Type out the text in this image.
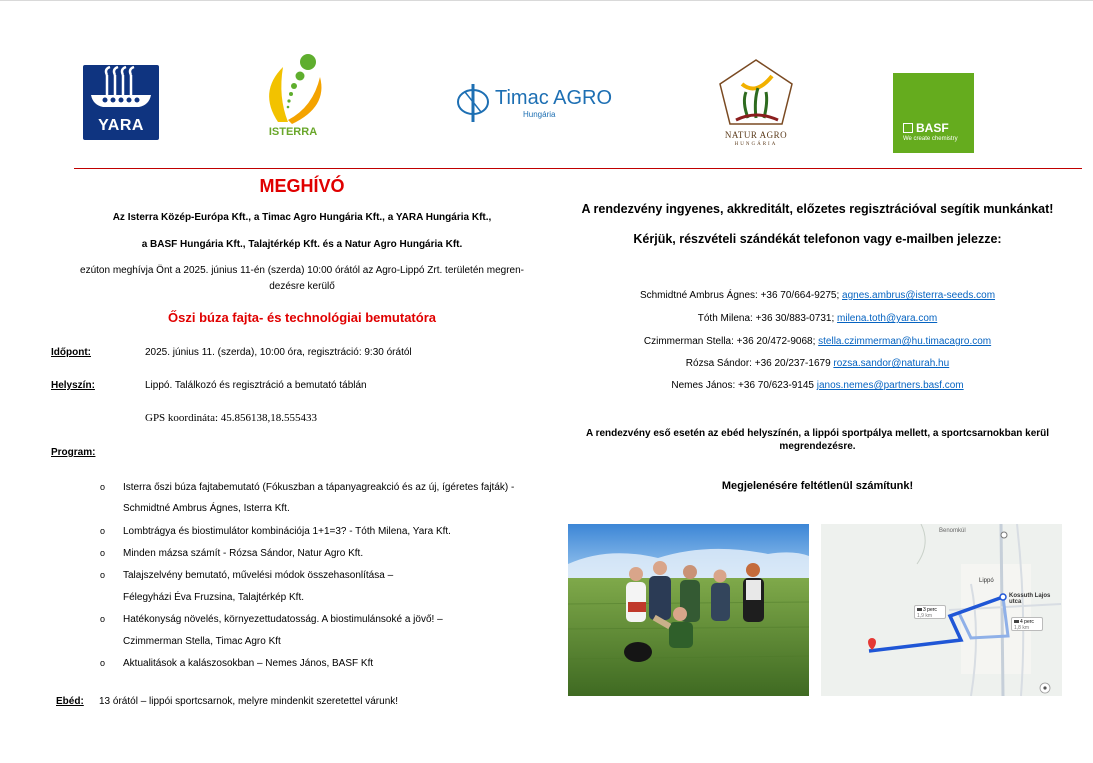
YARA	ISTERRA
Timac AGRO
Hungária
NATUR AGRO
HUNGÁRIA
BASF
We create chemistry
MEGHÍVÓ
Az Isterra Közép-Európa Kft., a Timac Agro Hungária Kft., a YARA Hungária Kft.,
a BASF Hungária Kft., Talajtérkép Kft. és a Natur Agro Hungária Kft.
ezúton meghívja Önt a 2025. június 11-én (szerda) 10:00 órától az Agro-Lippó Zrt. területén megren-
dezésre kerülő
Őszi búza fajta- és technológiai bemutatóra
Időpont:	2025. június 11. (szerda), 10:00 óra, regisztráció: 9:30 órától
Helyszín:	Lippó. Találkozó és regisztráció a bemutató táblán
GPS koordináta: 45.856138,18.555433
Program:
o Isterra őszi búza fajtabemutató (Fókuszban a tápanyagreakció és az új, ígéretes fajták) -
Schmidtné Ambrus Ágnes, Isterra Kft.
o Lombtrágya és biostimulátor kombinációja 1+1=3? - Tóth Milena, Yara Kft.
o Minden mázsa számít - Rózsa Sándor, Natur Agro Kft.
o Talajszelvény bemutató, művelési módok összehasonlítása –
Félegyházi Éva Fruzsina, Talajtérkép Kft.
o Hatékonyság növelés, környezettudatosság. A biostimulánsoké a jövő! –
Czimmerman Stella, Timac Agro Kft
o Aktualitások a kalászosokban – Nemes János, BASF Kft
Ebéd: 13 órától – lippói sportcsarnok, melyre mindenkit szeretettel várunk!
A rendezvény ingyenes, akkreditált, előzetes regisztrációval segítik munkánkat!
Kérjük, részvételi szándékát telefonon vagy e-mailben jelezze:
Schmidtné Ambrus Ágnes: +36 70/664-9275; agnes.ambrus@isterra-seeds.com
Tóth Milena: +36 30/883-0731; milena.toth@yara.com
Czimmerman Stella: +36 20/472-9068; stella.czimmerman@hu.timacagro.com
Rózsa Sándor: +36 20/237-1679 rozsa.sandor@naturah.hu
Nemes János: +36 70/623-9145 janos.nemes@partners.basf.com
A rendezvény eső esetén az ebéd helyszínén, a lippói sportpálya mellett, a sportcsarnokban kerül
megrendezésre.
Megjelenésére feltétlenül számítunk!
Benomkúl
Lippó
Kossuth Lajos utca
3 perc
1,9 km
4 perc
1,8 km
